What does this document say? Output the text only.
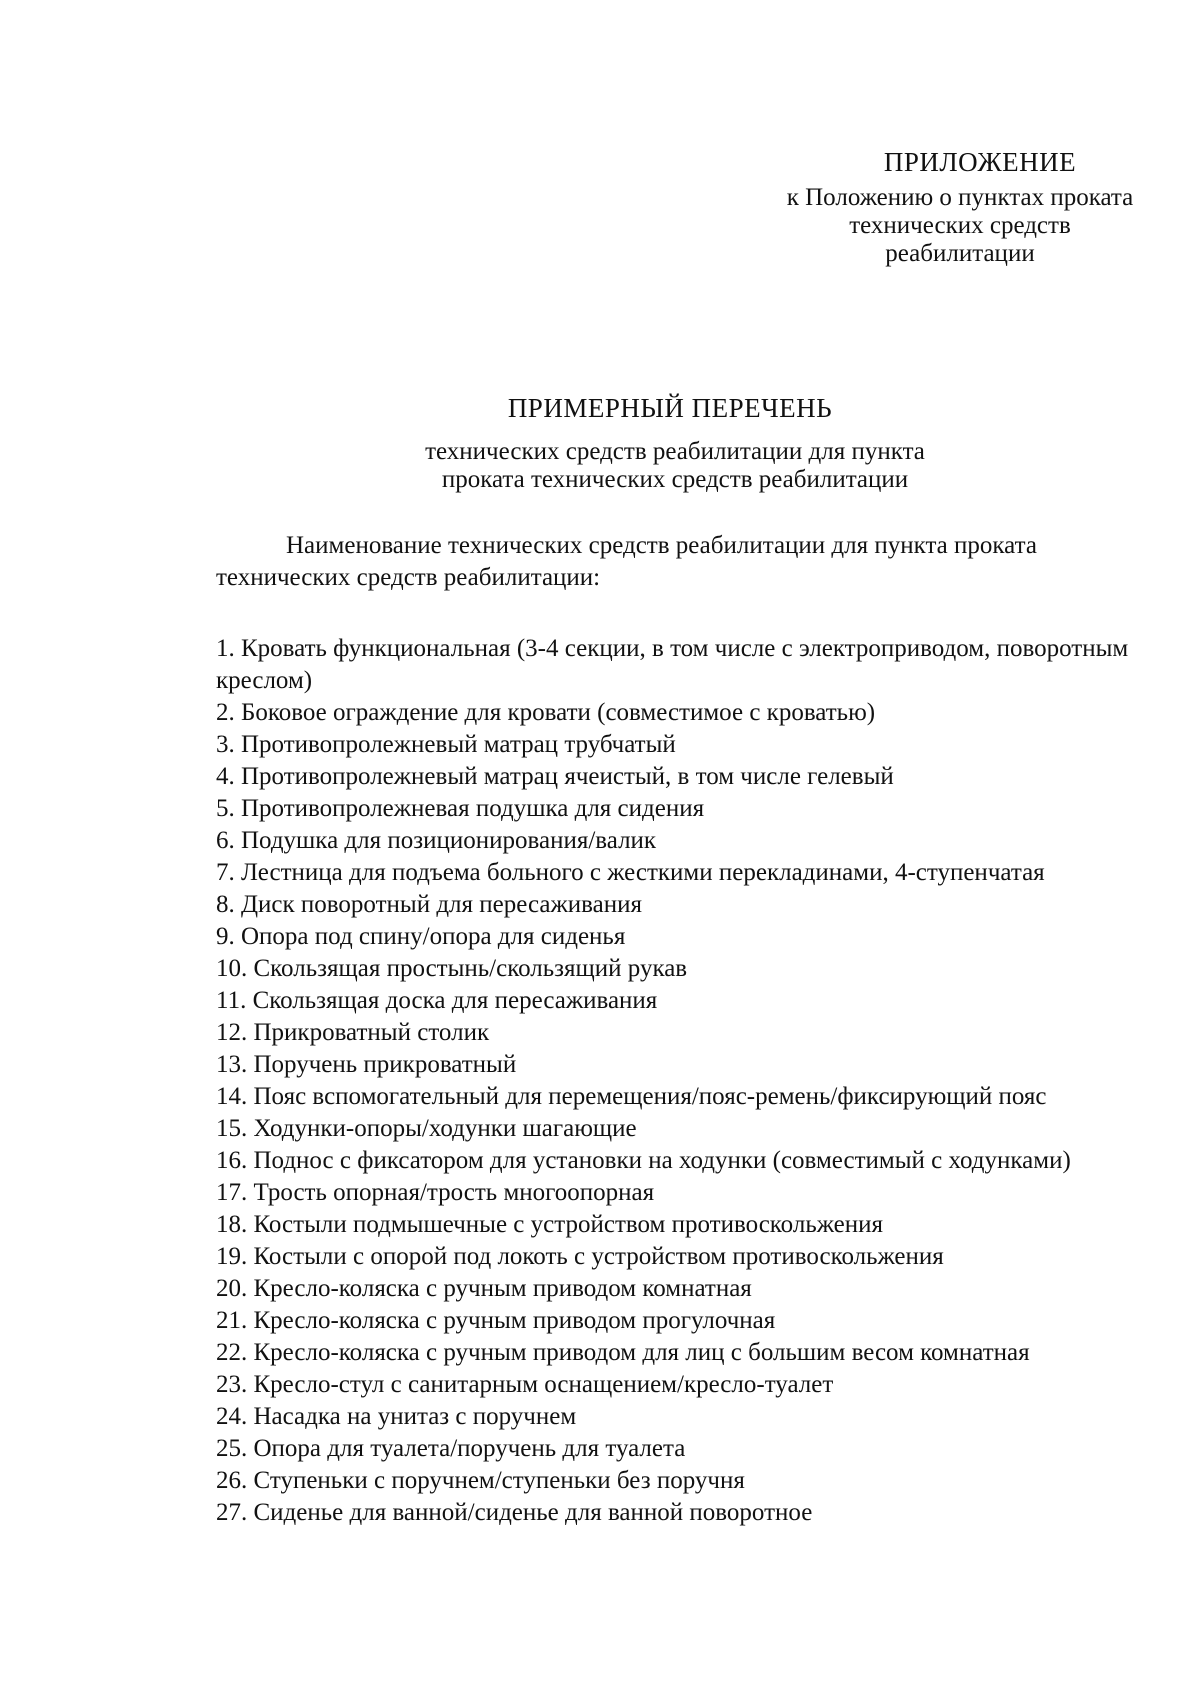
ПРИЛОЖЕНИЕ
к Положению о пунктах проката
технических средств
реабилитации
ПРИМЕРНЫЙ ПЕРЕЧЕНЬ
технических средств реабилитации для пункта
проката технических средств реабилитации
Наименование технических средств реабилитации для пункта проката технических средств реабилитации:
1. Кровать функциональная (3-4 секции, в том числе с электроприводом, поворотным креслом)
2. Боковое ограждение для кровати (совместимое с кроватью)
3. Противопролежневый матрац трубчатый
4. Противопролежневый матрац ячеистый, в том числе гелевый
5. Противопролежневая подушка для сидения
6. Подушка для позиционирования/валик
7. Лестница для подъема больного с жесткими перекладинами, 4-ступенчатая
8. Диск поворотный для пересаживания
9. Опора под спину/опора для сиденья
10. Скользящая простынь/скользящий рукав
11. Скользящая доска для пересаживания
12. Прикроватный столик
13. Поручень прикроватный
14. Пояс вспомогательный для перемещения/пояс-ремень/фиксирующий пояс
15. Ходунки-опоры/ходунки шагающие
16. Поднос с фиксатором для установки на ходунки (совместимый с ходунками)
17. Трость опорная/трость многоопорная
18. Костыли подмышечные с устройством противоскольжения
19. Костыли с опорой под локоть с устройством противоскольжения
20. Кресло-коляска с ручным приводом комнатная
21. Кресло-коляска с ручным приводом прогулочная
22. Кресло-коляска с ручным приводом для лиц с большим весом комнатная
23. Кресло-стул с санитарным оснащением/кресло-туалет
24. Насадка на унитаз с поручнем
25. Опора для туалета/поручень для туалета
26. Ступеньки с поручнем/ступеньки без поручня
27. Сиденье для ванной/сиденье для ванной поворотное
